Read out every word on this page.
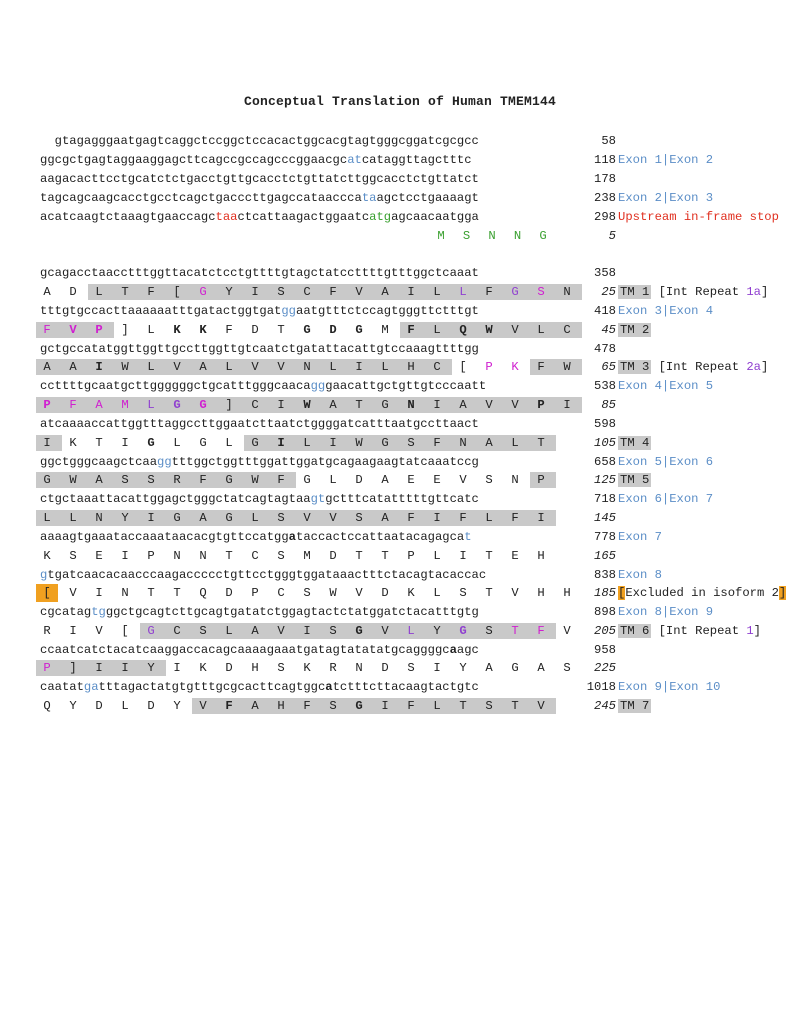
Conceptual Translation of Human TMEM144
gtagagggaatgagtcaggctccggctccacactggcacgtagtgggcggatcgcgcc	58
ggcgctgagtaggaaggagcttcagccgccagcccggaacgcatcataggttagctttc	118 Exon 1|Exon 2
aagacacttcctgcatctctgacctgttgcacctctgttatcttggcacctctgttatct	178
tagcagcaagcacctgcctcagctgacccttgagccataacccataagctcctgaaaagt	238 Exon 2|Exon 3
acatcaagtctaaagtgaaccagctaactcattaagactggaatcatgagcaacaatgga	298 Upstream in-frame stop
M	S	N	N	G	5
gcagacctaacctttggttacatctcctgttttgtagctatccttttgtttggctcaaat	358
tttgtgccacttaaaaaatttgatactggtgatggaatgtttctccagtgggttctttgt	418 Exon 3|Exon 4
gctgccatatggttggttgccttggttgtcaatctgatattacattgtccaaagttttgg	478
ccttttgcaatgcttggggggctgcatttgggcaacagggaacattgctgttgtcccaatt	538 Exon 4|Exon 5
atcaaaaccattggtttaggccttggaatcttaatctggggatcatttaatgccttaact	598
ggctgggcaagctcaaggtttggctggtttggattggatgcagaagaagtatcaaatccg	658 Exon 5|Exon 6
ctgctaaattacattggagctgggctatcagtagtaagtgctttcatatttttgttcatc	718 Exon 6|Exon 7
aaaagtgaaataccaaataacacgtgttccatggataccactccattaatacagagcat	778 Exon 7
gtgatcaacacaacccaagaccccctgttcctgggtggataaactttctacagtacaccac	838 Exon 8
cgcatagtgggctgcagtcttgcagtgatatctggagtactctatggatctacatttgtg	898 Exon 8|Exon 9
ccaatcatctacatcaaggaccacagcaaaagaaatgatagtatatatgcaggggcaagc	958
caatatgatttagactatgtgtttgcgcacttcagtggcatctttcttacaagtactgtc	1018 Exon 9|Exon 10
A	D	L	T	F	[	G	Y	I	S	C	F	V	A	I	L	L	F	G	S	N	25 TM 1 [Int Repeat 1a]
F	V	P	]	L	K	K	F	D	T	G	D	G	M	F	L	Q	W	V	L	C	45 TM 2
A	A	I	W	L	V	A	L	V	V	N	L	I	L	H	C	[	P	K	F	W	65 TM 3 [Int Repeat 2a]
P	F	A	M	L	G	G	]	C	I	W	A	T	G	N	I	A	V	V	P	I	85
I	K	T	I	G	L	G	L	G	I	L	I	W	G	S	F	N	A	L	T	105 TM 4
G	W	A	S	S	R	F	G	W	F	G	L	D	A	E	E	V	S	N	P	125 TM 5
L	L	N	Y	I	G	A	G	L	S	V	V	S	A	F	I	F	L	F	I	145
K	S	E	I	P	N	N	T	C	S	M	D	T	T	P	L	I	T	E	H	165
[	V	I	N	T	T	Q	D	P	C	S	W	V	D	K	L	S	T	V	H	H	185 [Excluded in isoform 2]
R	I	V	[	G	C	S	L	A	V	I	S	G	V	L	Y	G	S	T	F	V	205 TM 6 [Int Repeat 1]
P	]	I	I	Y	I	K	D	H	S	K	R	N	D	S	I	Y	A	G	A	S	225
Q	Y	D	L	D	Y	V	F	A	H	F	S	G	I	F	L	T	S	T	V	245 TM 7
